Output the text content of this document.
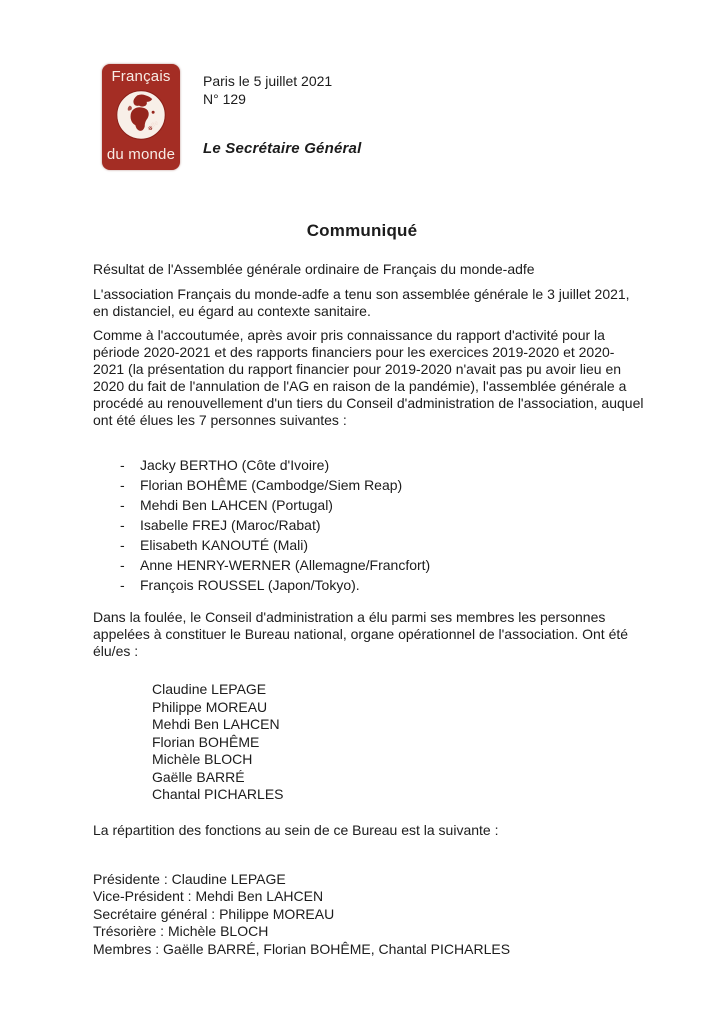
Français
adfe
du monde
Paris le 5 juillet 2021
N° 129
Le Secrétaire Général
Communiqué

Résultat de l'Assemblée générale ordinaire de Français du monde-adfe

L'association Français du monde-adfe a tenu son assemblée générale le 3 juillet 2021, en distanciel, eu égard au contexte sanitaire.

Comme à l'accoutumée, après avoir pris connaissance du rapport d'activité pour la période 2020-2021 et des rapports financiers pour les exercices 2019-2020 et 2020-2021 (la présentation du rapport financier pour 2019-2020 n'avait pas pu avoir lieu en 2020 du fait de l'annulation de l'AG en raison de la pandémie), l'assemblée générale a procédé au renouvellement d'un tiers du Conseil d'administration de l'association, auquel ont été élues les 7 personnes suivantes :

- Jacky BERTHO (Côte d'Ivoire)
- Florian BOHÊME (Cambodge/Siem Reap)
- Mehdi Ben LAHCEN (Portugal)
- Isabelle FREJ (Maroc/Rabat)
- Elisabeth KANOUTÉ (Mali)
- Anne HENRY-WERNER (Allemagne/Francfort)
- François ROUSSEL (Japon/Tokyo).

Dans la foulée, le Conseil d'administration a élu parmi ses membres les personnes appelées à constituer le Bureau national, organe opérationnel de l'association. Ont été élu/es :

Claudine LEPAGE
Philippe MOREAU
Mehdi Ben LAHCEN
Florian BOHÊME
Michèle BLOCH
Gaëlle BARRÉ
Chantal PICHARLES

La répartition des fonctions au sein de ce Bureau est la suivante :

Présidente : Claudine LEPAGE
Vice-Président : Mehdi Ben LAHCEN
Secrétaire général : Philippe MOREAU
Trésorière : Michèle BLOCH
Membres : Gaëlle BARRÉ, Florian BOHÊME, Chantal PICHARLES
